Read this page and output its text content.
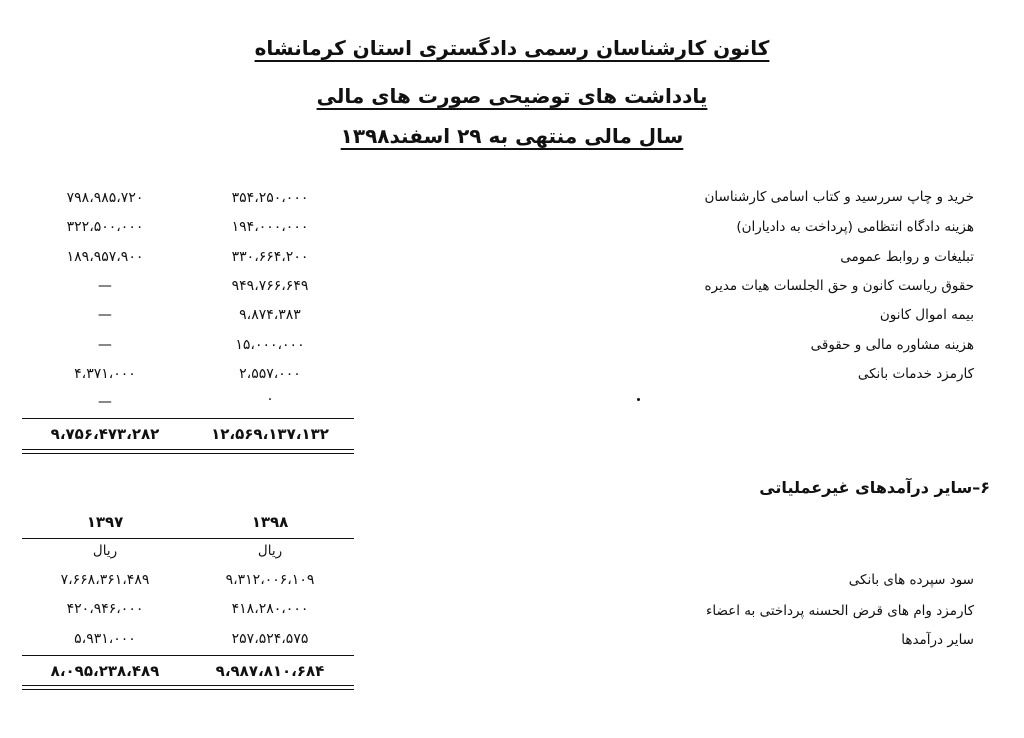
کانون کارشناسان رسمی دادگستری استان کرمانشاه
یادداشت های توضیحی صورت های مالی
سال مالی منتهی به ۲۹ اسفند۱۳۹۸
خرید و چاپ سررسید و کتاب اسامی کارشناسان
۳۵۴،۲۵۰،۰۰۰
۷۹۸،۹۸۵،۷۲۰
هزینه دادگاه انتظامی (پرداخت به دادیاران)
۱۹۴،۰۰۰،۰۰۰
۳۲۲،۵۰۰،۰۰۰
تبلیغات و روابط عمومی
۳۳۰،۶۶۴،۲۰۰
۱۸۹،۹۵۷،۹۰۰
حقوق ریاست کانون و حق الجلسات هیات مدیره
۹۴۹،۷۶۶،۶۴۹
—
بیمه اموال کانون
۹،۸۷۴،۳۸۳
—
هزینه مشاوره مالی و حقوقی
۱۵،۰۰۰،۰۰۰
—
کارمزد خدمات بانکی
۲،۵۵۷،۰۰۰
۴،۳۷۱،۰۰۰
۰
—
۱۲،۵۶۹،۱۳۷،۱۳۲
۹،۷۵۶،۴۷۳،۲۸۲
۶–سایر درآمدهای غیرعملیاتی
۱۳۹۸
۱۳۹۷
ریال
ریال
سود سپرده های بانکی
۹،۳۱۲،۰۰۶،۱۰۹
۷،۶۶۸،۳۶۱،۴۸۹
کارمزد وام های قرض الحسنه پرداختی به اعضاء
۴۱۸،۲۸۰،۰۰۰
۴۲۰،۹۴۶،۰۰۰
سایر درآمدها
۲۵۷،۵۲۴،۵۷۵
۵،۹۳۱،۰۰۰
۹،۹۸۷،۸۱۰،۶۸۴
۸،۰۹۵،۲۳۸،۴۸۹
